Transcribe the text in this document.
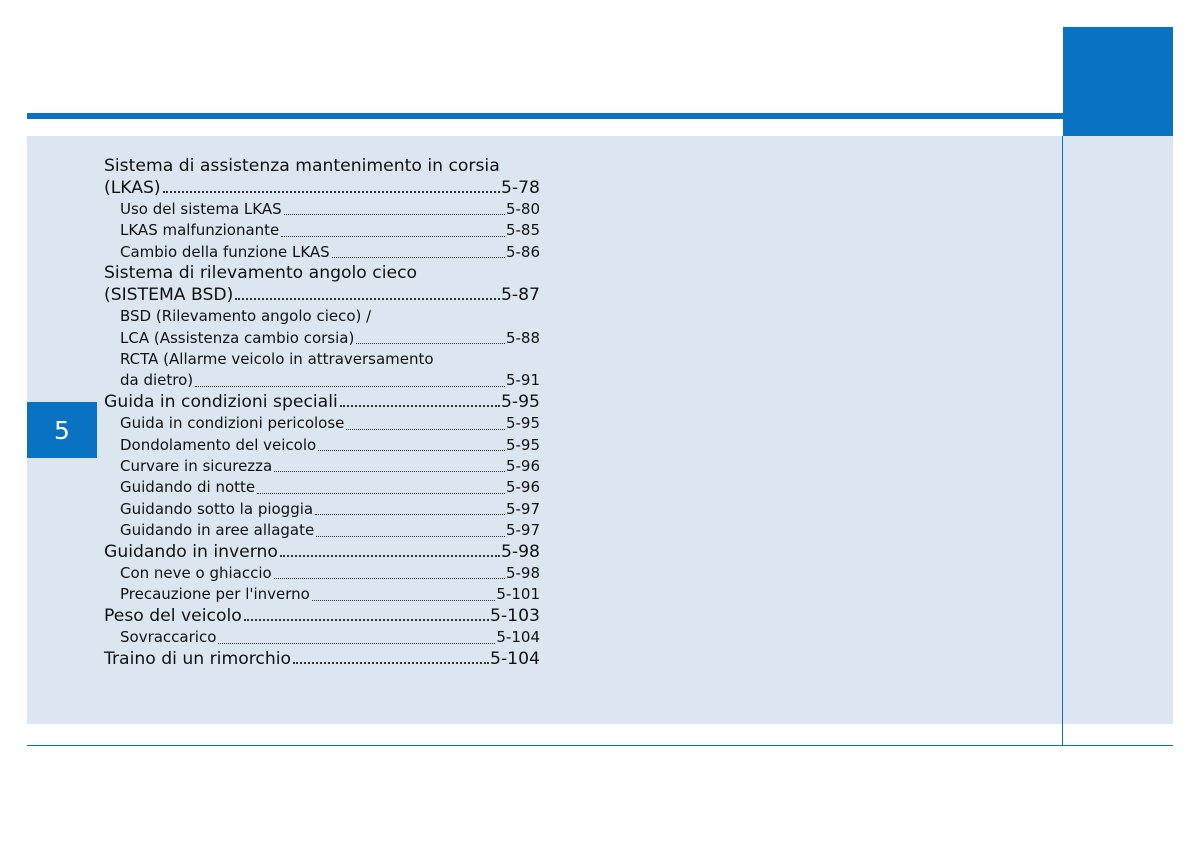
5
Sistema di assistenza mantenimento in corsia
(LKAS)	5-78
Uso del sistema LKAS	5-80
LKAS malfunzionante	5-85
Cambio della funzione LKAS	5-86
Sistema di rilevamento angolo cieco
(SISTEMA BSD)	5-87
BSD (Rilevamento angolo cieco) /
LCA (Assistenza cambio corsia)	5-88
RCTA (Allarme veicolo in attraversamento
da dietro)	5-91
Guida in condizioni speciali	5-95
Guida in condizioni pericolose	5-95
Dondolamento del veicolo	5-95
Curvare in sicurezza	5-96
Guidando di notte	5-96
Guidando sotto la pioggia	5-97
Guidando in aree allagate	5-97
Guidando in inverno	5-98
Con neve o ghiaccio	5-98
Precauzione per l'inverno	5-101
Peso del veicolo	5-103
Sovraccarico	5-104
Traino di un rimorchio	5-104
